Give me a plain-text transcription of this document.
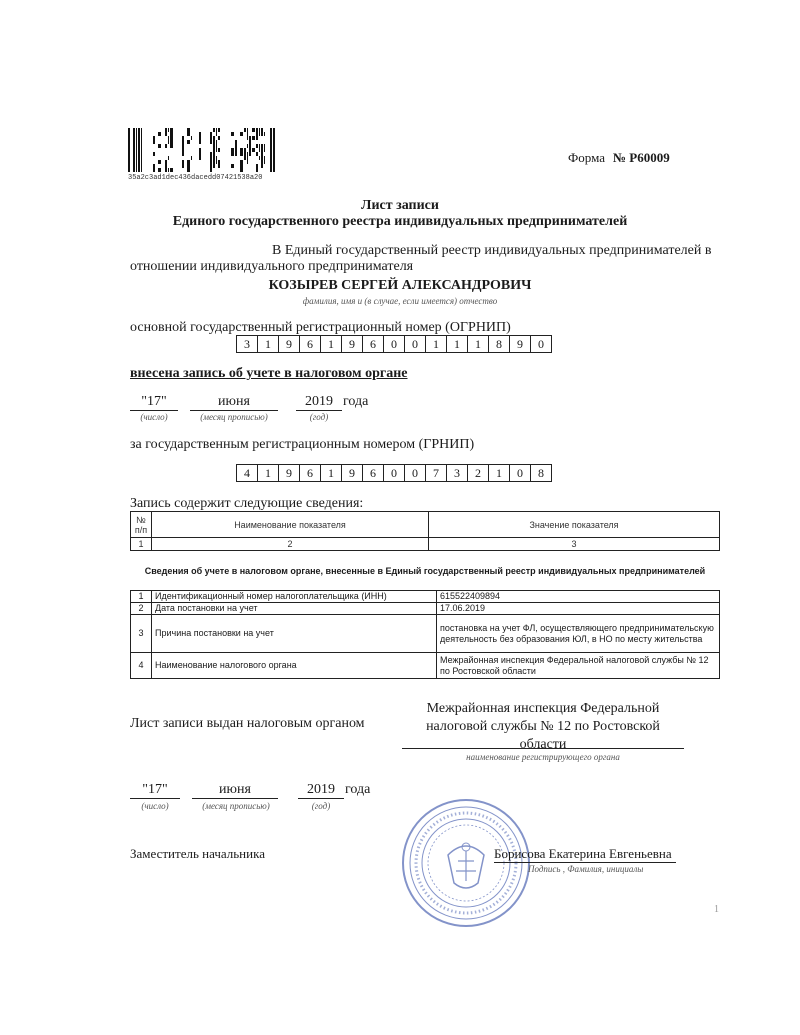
35a2c3ad1dec436dacedd07421538a20
Форма № Р60009
Лист записи
Единого государственного реестра индивидуальных предпринимателей
В Единый государственный реестр индивидуальных предпринимателей в
отношении индивидуального предпринимателя
КОЗЫРЕВ СЕРГЕЙ АЛЕКСАНДРОВИЧ
фамилия, имя и (в случае, если имеется) отчество
основной государственный регистрационный номер (ОГРНИП)
3	1	9	6	1	9	6	0	0	1	1	1	8	9	0
внесена запись об учете в налоговом органе
"17"	июня	2019 года
(число)	(месяц прописью)	(год)
за государственным регистрационным номером (ГРНИП)
4	1	9	6	1	9	6	0	0	7	3	2	1	0	8
Запись содержит следующие сведения:
№
п/п	Наименование показателя	Значение показателя
1	2	3
Сведения об учете в налоговом органе, внесенные в Единый государственный реестр индивидуальных предпринимателей
1	Идентификационный номер налогоплательщика (ИНН)	615522409894
2	Дата постановки на учет	17.06.2019
3	Причина постановки на учет	постановка на учет ФЛ, осуществляющего предпринимательскую деятельность без образования ЮЛ, в НО по месту жительства
4	Наименование налогового органа	Межрайонная инспекция Федеральной налоговой службы № 12 по Ростовской области
Лист записи выдан налоговым органом
Межрайонная инспекция Федеральной
налоговой службы № 12 по Ростовской
области
наименование регистрирующего органа
"17"	июня	2019 года
(число)	(месяц прописью)	(год)
Заместитель начальника	Борисова Екатерина Евгеньевна
Подпись , Фамилия, инициалы
1
